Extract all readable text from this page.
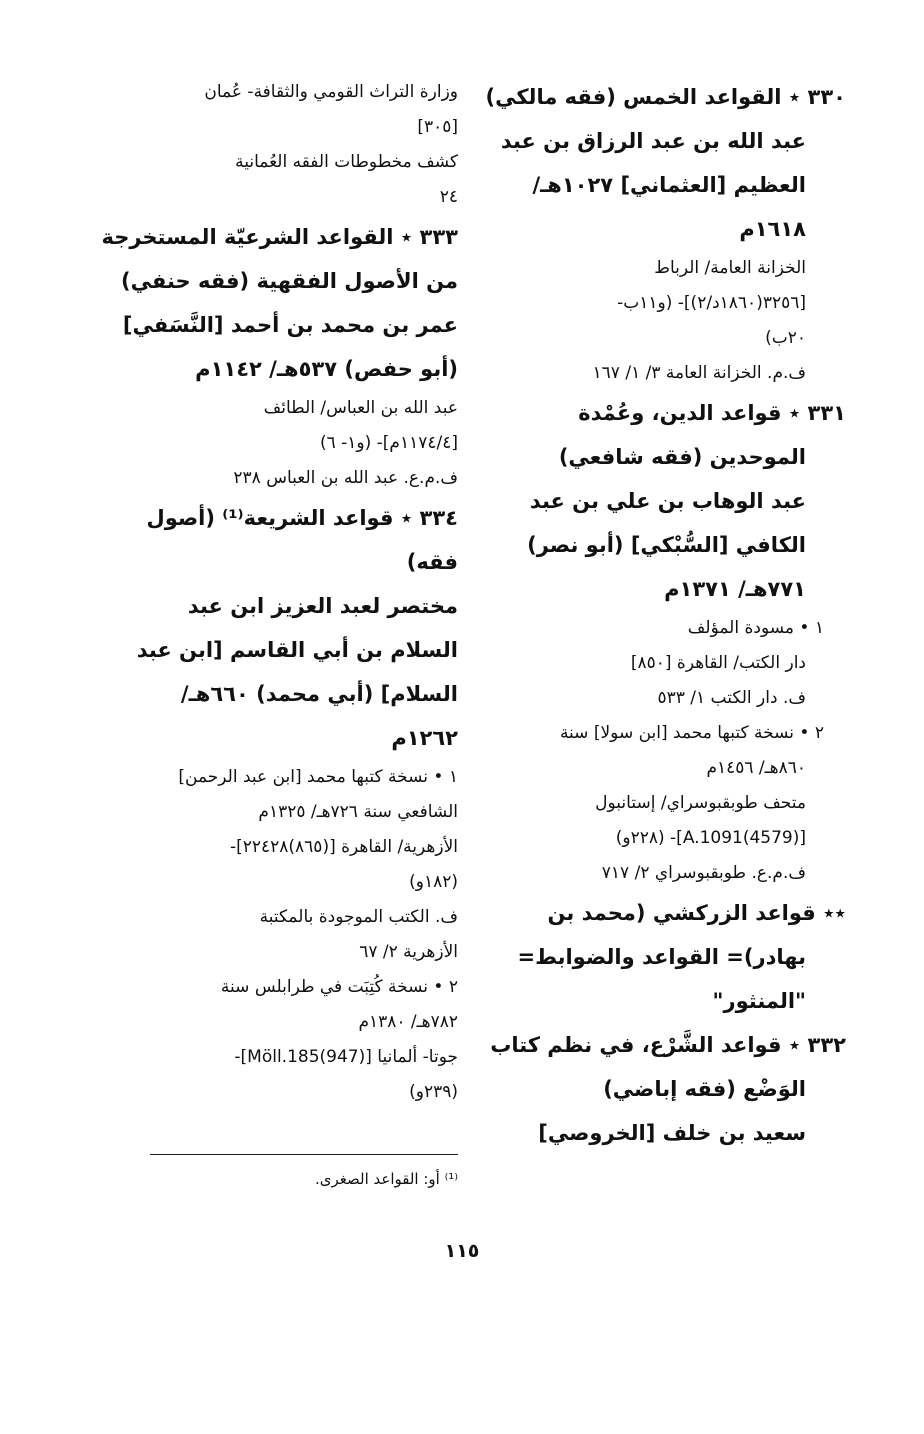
٣٣٠ ٭ القواعد الخمس (فقه مالكي)
عبد الله بن عبد الرزاق بن عبد
العظيم [العثماني] ١٠٢٧هـ/
١٦١٨م
الخزانة العامة/ الرباط
[٣٢٥٦(١٨٦٠د/٢)]- (و١١ب-
٢٠ب)
ف.م. الخزانة العامة ٣/ ١/ ١٦٧
٣٣١ ٭ قواعد الدين، وعُمْدة
الموحدين (فقه شافعي)
عبد الوهاب بن علي بن عبد
الكافي [السُّبْكي] (أبو نصر)
٧٧١هـ/ ١٣٧١م
١ • مسودة المؤلف
دار الكتب/ القاهرة [٨٥٠]
ف. دار الكتب ١/ ٥٣٣
٢ • نسخة كتبها محمد [ابن سولا] سنة
٨٦٠هـ/ ١٤٥٦م
متحف طوبقبوسراي/ إستانبول
[A.1091(4579)]- (٢٢٨و)
ف.م.ع. طوبقبوسراي ٢/ ٧١٧
٭٭ قواعد الزركشي (محمد بن
بهادر)= القواعد والضوابط=
"المنثور"
٣٣٢ ٭ قواعد الشَّرْع، في نظم كتاب
الوَضْع (فقه إباضي)
سعيد بن خلف [الخروصي]
وزارة التراث القومي والثقافة- عُمان
[٣٠٥]
كشف مخطوطات الفقه العُمانية
٢٤
٣٣٣ ٭ القواعد الشرعيّة المستخرجة
من الأصول الفقهية (فقه حنفي)
عمر بن محمد بن أحمد [النَّسَفي]
(أبو حفص) ٥٣٧هـ/ ١١٤٢م
عبد الله بن العباس/ الطائف
[١١٧٤/٤م]- (و١- ٦)
ف.م.ع. عبد الله بن العباس ٢٣٨
٣٣٤ ٭ قواعد الشريعة⁽¹⁾ (أصول
فقه)
مختصر لعبد العزيز ابن عبد
السلام بن أبي القاسم [ابن عبد
السلام] (أبي محمد) ٦٦٠هـ/
١٢٦٢م
١ • نسخة كتبها محمد [ابن عبد الرحمن]
الشافعي سنة ٧٢٦هـ/ ١٣٢٥م
الأزهرية/ القاهرة [(٨٦٥)٢٢٤٢٨]-
(١٨٢و)
ف. الكتب الموجودة بالمكتبة
الأزهرية ٢/ ٦٧
٢ • نسخة كُتِبَت في طرابلس سنة
٧٨٢هـ/ ١٣٨٠م
جوتا- ألمانيا [Möll.185(947)]-
(٢٣٩و)
⁽¹⁾ أو: القواعد الصغرى.
١١٥
